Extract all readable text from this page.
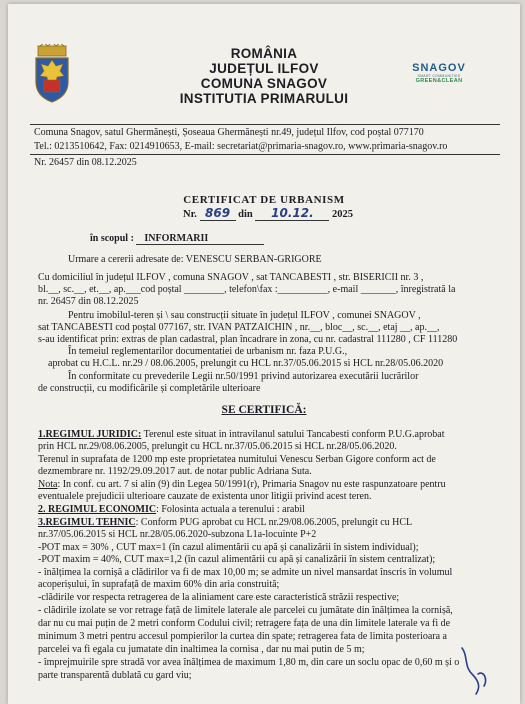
ROMÂNIA
JUDEȚUL ILFOV
COMUNA SNAGOV
INSTITUTIA PRIMARULUI
SNAGOV
SMART COMMUNITIES
GREEN&CLEAN
Comuna Snagov, satul Ghermănești, Șoseaua Ghermănești nr.49, județul Ilfov, cod poștal 077170
Tel.: 0213510642, Fax: 0214910653, E-mail: secretariat@primaria-snagov.ro, www.primaria-snagov.ro
Nr. 26457 din 08.12.2025
CERTIFICAT DE URBANISM
Nr. 869 din 10.12. 2025
în scopul : INFORMARII
Urmare a cererii adresate de: VENESCU SERBAN-GRIGORE
Cu domiciliul în județul ILFOV , comuna SNAGOV , sat TANCABESTI , str. BISERICII nr. 3 ,
bl.__, sc.__, et.__, ap.___cod poștal ________, telefon\fax :__________, e-mail _______, înregistrată la
nr. 26457 din 08.12.2025
Pentru imobilul-teren și \ sau construcții situate în județul ILFOV , comunei SNAGOV ,
sat TANCABESTI cod poștal 077167, str. IVAN PATZAICHIN , nr.__, bloc__, sc.__, etaj __, ap.__,
s-au identificat prin: extras de plan cadastral, plan încadrare in zona, cu nr. cadastral 111280 , CF 111280
În temeiul reglementarilor documentatiei de urbanism nr. faza P.U.G.,
aprobat cu H.C.L. nr.29 / 08.06.2005, prelungit cu HCL nr.37/05.06.2015 si HCL nr.28/05.06.2020
În conformitate cu prevederile Legii nr.50/1991 privind autorizarea executării lucrărilor
de construcții, cu modificările și completările ulterioare
SE CERTIFICĂ:
1.REGIMUL JURIDIC: Terenul este situat in intravilanul satului Tancabesti conform P.U.G.aprobat
prin HCL nr.29/08.06.2005, prelungit cu HCL nr.37/05.06.2015 si HCL nr.28/05.06.2020.
Terenul in suprafata de 1200 mp este proprietatea numitului Venescu Serban Gigore conform act de
dezmembrare nr. 1192/29.09.2017 aut. de notar public Adriana Suta.
Nota: In conf. cu art. 7 si alin (9) din Legea 50/1991(r), Primaria Snagov nu este raspunzatoare pentru
eventualele prejudicii ulterioare cauzate de existenta unor litigii privind acest teren.
2. REGIMUL ECONOMIC: Folosinta actuala a terenului : arabil
3.REGIMUL TEHNIC: Conform PUG aprobat cu HCL nr.29/08.06.2005, prelungit cu HCL
nr.37/05.06.2015 si HCL nr.28/05.06.2020-subzona L1a-locuinte P+2
-POT max = 30% , CUT max=1 (în cazul alimentării cu apă și canalizării în sistem individual);
-POT maxim = 40%, CUT max=1,2 (în cazul alimentării cu apă și canalizării în sistem centralizat);
- înălțimea la cornișă a clădirilor va fi de max 10,00 m; se admite un nivel mansardat înscris în volumul
acoperișului, în suprafață de maxim 60% din aria construită;
-clădirile vor respecta retragerea de la aliniament care este caracteristică străzii respective;
- clădirile izolate se vor retrage față de limitele laterale ale parcelei cu jumătate din înălțimea la cornișă,
dar nu cu mai puțin de 2 metri conform Codului civil; retragere fața de una din limitele laterale va fi de
minimum 3 metri pentru accesul pompierilor la curtea din spate; retragerea fata de limita posterioara a
parcelei va fi egala cu jumatate din inaltimea la cornisa , dar nu mai putin de 5 m;
- împrejmuirile spre stradă vor avea înălțimea de maximum 1,80 m, din care un soclu opac de 0,60 m și o
parte transparentă dublată cu gard viu;
